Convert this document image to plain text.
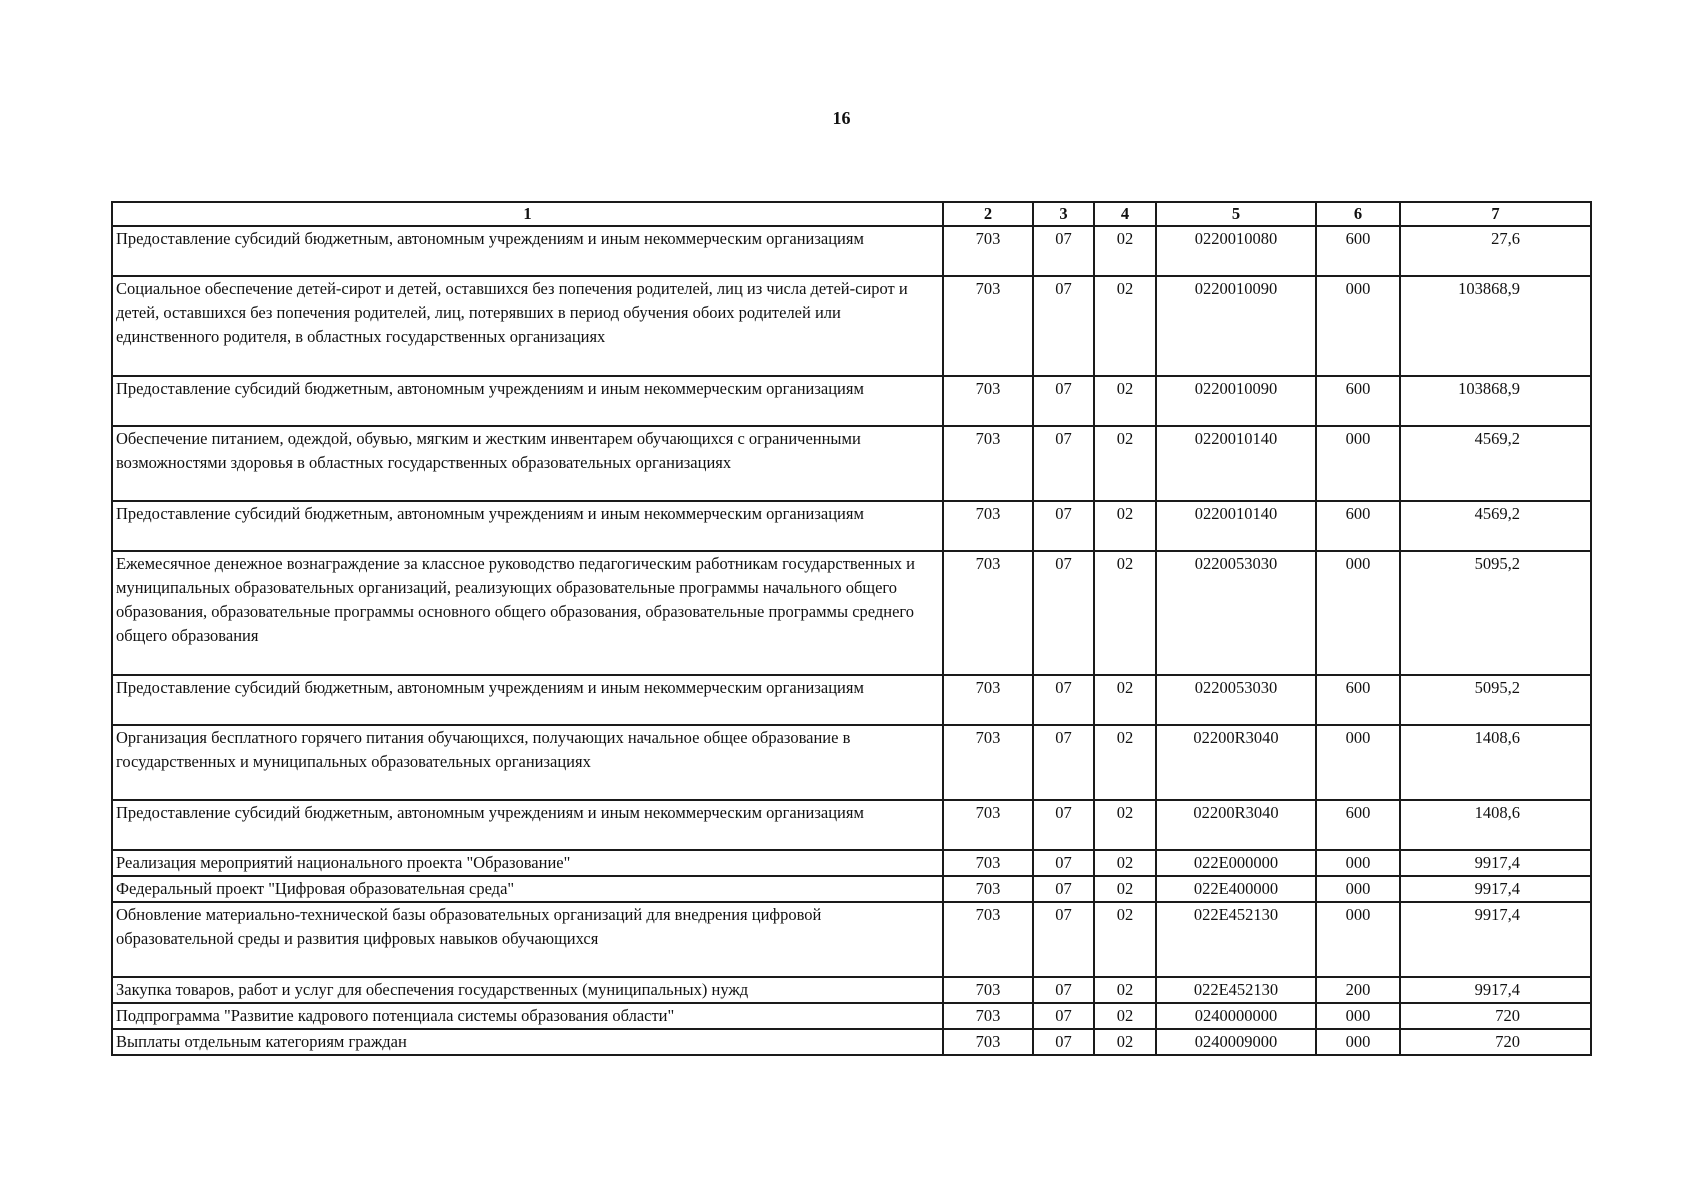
16
1	2	3	4	5	6	7
Предоставление субсидий бюджетным, автономным учреждениям и иным некоммерческим организациям	703	07	02	0220010080	600	27,6
Социальное обеспечение детей-сирот и детей, оставшихся без попечения родителей, лиц из числа детей-сирот и детей, оставшихся без попечения родителей, лиц, потерявших в период обучения обоих родителей или единственного родителя, в областных государственных организациях	703	07	02	0220010090	000	103868,9
Предоставление субсидий бюджетным, автономным учреждениям и иным некоммерческим организациям	703	07	02	0220010090	600	103868,9
Обеспечение питанием, одеждой, обувью, мягким и жестким инвентарем обучающихся с ограниченными возможностями здоровья в областных государственных образовательных организациях	703	07	02	0220010140	000	4569,2
Предоставление субсидий бюджетным, автономным учреждениям и иным некоммерческим организациям	703	07	02	0220010140	600	4569,2
Ежемесячное денежное вознаграждение за классное руководство педагогическим работникам государственных и муниципальных образовательных организаций, реализующих образовательные программы начального общего образования, образовательные программы основного общего образования, образовательные программы среднего общего образования	703	07	02	0220053030	000	5095,2
Предоставление субсидий бюджетным, автономным учреждениям и иным некоммерческим организациям	703	07	02	0220053030	600	5095,2
Организация бесплатного горячего питания обучающихся, получающих начальное общее образование в государственных и муниципальных образовательных организациях	703	07	02	02200R3040	000	1408,6
Предоставление субсидий бюджетным, автономным учреждениям и иным некоммерческим организациям	703	07	02	02200R3040	600	1408,6
Реализация мероприятий национального проекта "Образование"	703	07	02	022E000000	000	9917,4
Федеральный проект "Цифровая образовательная среда"	703	07	02	022E400000	000	9917,4
Обновление материально-технической базы образовательных организаций для внедрения цифровой образовательной среды и развития цифровых навыков обучающихся	703	07	02	022E452130	000	9917,4
Закупка товаров, работ и услуг для обеспечения государственных (муниципальных) нужд	703	07	02	022E452130	200	9917,4
Подпрограмма "Развитие кадрового потенциала системы образования области"	703	07	02	0240000000	000	720
Выплаты отдельным категориям граждан	703	07	02	0240009000	000	720
